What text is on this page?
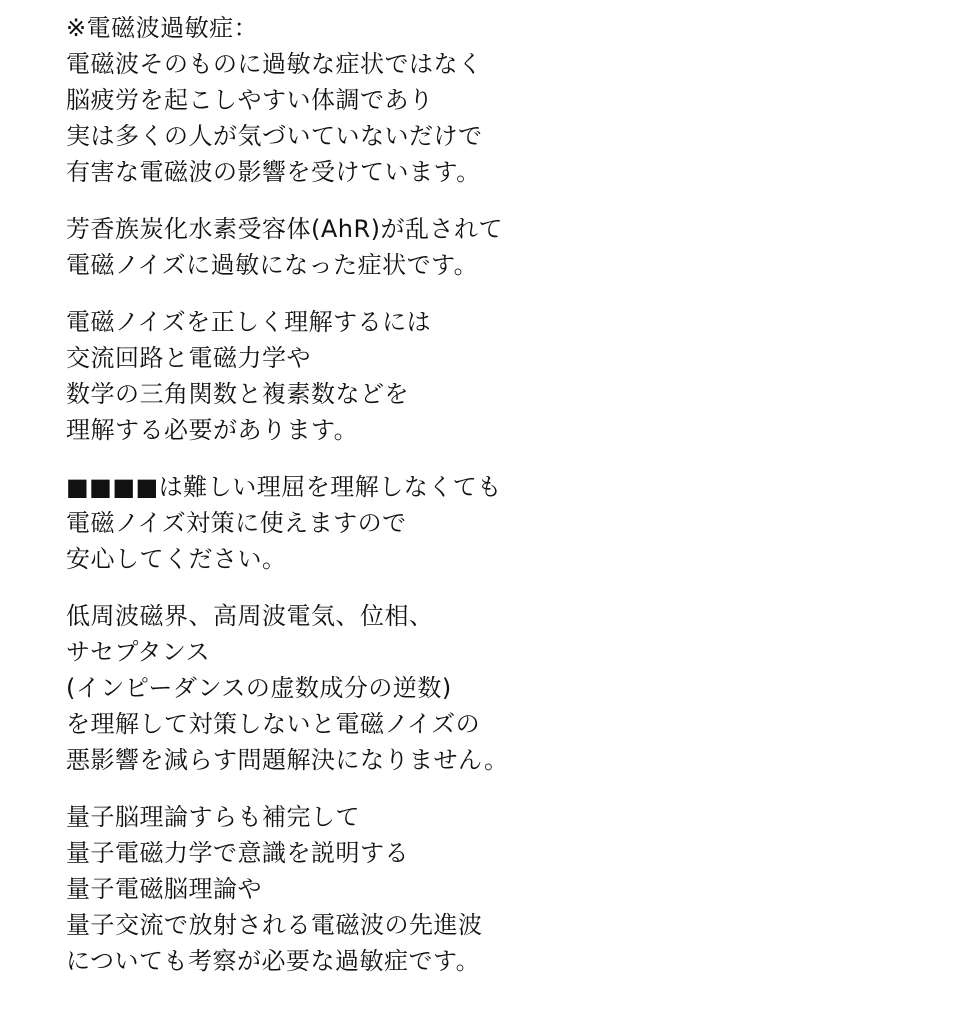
※電磁波過敏症：
電磁波そのものに過敏な症状ではなく
脳疲労を起こしやすい体調であり
実は多くの人が気づいていないだけで
有害な電磁波の影響を受けています。
芳香族炭化水素受容体(AhR)が乱されて
電磁ノイズに過敏になった症状です。
電磁ノイズを正しく理解するには
交流回路と電磁力学や
数学の三角関数と複素数などを
理解する必要があります。
■■■■は難しい理屈を理解しなくても
電磁ノイズ対策に使えますので
安心してください。
低周波磁界、高周波電気、位相、
サセプタンス
(インピーダンスの虚数成分の逆数)
を理解して対策しないと電磁ノイズの
悪影響を減らす問題解決になりません。
量子脳理論すらも補完して
量子電磁力学で意識を説明する
量子電磁脳理論や
量子交流で放射される電磁波の先進波
についても考察が必要な過敏症です。
